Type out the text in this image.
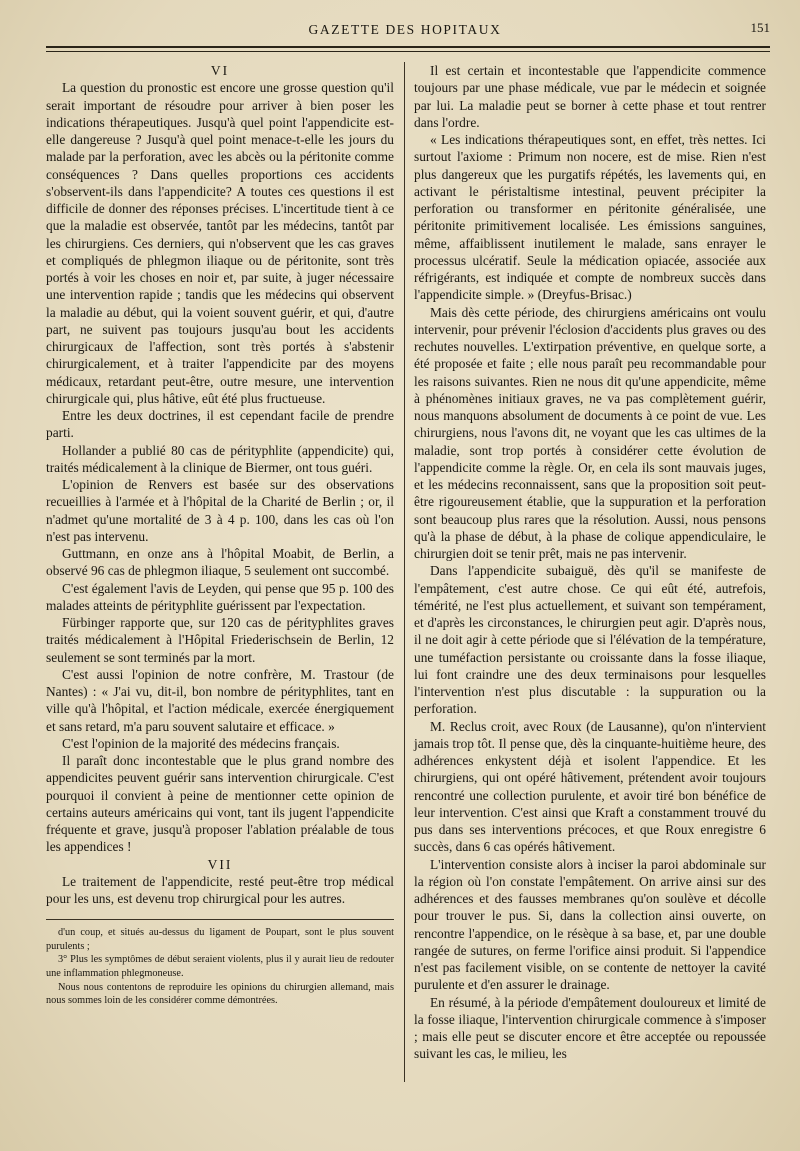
GAZETTE DES HOPITAUX	151

VI

La question du pronostic est encore une grosse question qu'il serait important de résoudre pour arriver à bien poser les indications thérapeutiques. Jusqu'à quel point l'appendicite est-elle dangereuse ? Jusqu'à quel point menace-t-elle les jours du malade par la perforation, avec les abcès ou la péritonite comme conséquences ? Dans quelles proportions ces accidents s'observent-ils dans l'appendicite? A toutes ces questions il est difficile de donner des réponses précises. L'incertitude tient à ce que la maladie est observée, tantôt par les médecins, tantôt par les chirurgiens. Ces derniers, qui n'observent que les cas graves et compliqués de phlegmon iliaque ou de péritonite, sont très portés à voir les choses en noir et, par suite, à juger nécessaire une intervention rapide ; tandis que les médecins qui observent la maladie au début, qui la voient souvent guérir, et qui, d'autre part, ne suivent pas toujours jusqu'au bout les accidents chirurgicaux de l'affection, sont très portés à s'abstenir chirurgicalement, et à traiter l'appendicite par des moyens médicaux, retardant peut-être, outre mesure, une intervention chirurgicale qui, plus hâtive, eût été plus fructueuse.

Entre les deux doctrines, il est cependant facile de prendre parti.

Hollander a publié 80 cas de pérityphlite (appendicite) qui, traités médicalement à la clinique de Biermer, ont tous guéri.

L'opinion de Renvers est basée sur des observations recueillies à l'armée et à l'hôpital de la Charité de Berlin ; or, il n'admet qu'une mortalité de 3 à 4 p. 100, dans les cas où l'on n'est pas intervenu.

Guttmann, en onze ans à l'hôpital Moabit, de Berlin, a observé 96 cas de phlegmon iliaque, 5 seulement ont succombé.

C'est également l'avis de Leyden, qui pense que 95 p. 100 des malades atteints de pérityphlite guérissent par l'expectation.

Fürbinger rapporte que, sur 120 cas de pérityphlites graves traités médicalement à l'Hôpital Friederischsein de Berlin, 12 seulement se sont terminés par la mort.

C'est aussi l'opinion de notre confrère, M. Trastour (de Nantes) : « J'ai vu, dit-il, bon nombre de pérityphlites, tant en ville qu'à l'hôpital, et l'action médicale, exercée énergiquement et sans retard, m'a paru souvent salutaire et efficace. »

C'est l'opinion de la majorité des médecins français.

Il paraît donc incontestable que le plus grand nombre des appendicites peuvent guérir sans intervention chirurgicale. C'est pourquoi il convient à peine de mentionner cette opinion de certains auteurs américains qui vont, tant ils jugent l'appendicite fréquente et grave, jusqu'à proposer l'ablation préalable de tous les appendices !

VII

Le traitement de l'appendicite, resté peut-être trop médical pour les uns, est devenu trop chirurgical pour les autres.

d'un coup, et situés au-dessus du ligament de Poupart, sont le plus souvent purulents ;

3° Plus les symptômes de début seraient violents, plus il y aurait lieu de redouter une inflammation phlegmoneuse.

Nous nous contentons de reproduire les opinions du chirurgien allemand, mais nous sommes loin de les considérer comme démontrées.

Il est certain et incontestable que l'appendicite commence toujours par une phase médicale, vue par le médecin et soignée par lui. La maladie peut se borner à cette phase et tout rentrer dans l'ordre.

« Les indications thérapeutiques sont, en effet, très nettes. Ici surtout l'axiome : Primum non nocere, est de mise. Rien n'est plus dangereux que les purgatifs répétés, les lavements qui, en activant le péristaltisme intestinal, peuvent précipiter la perforation ou transformer en péritonite généralisée, une péritonite primitivement localisée. Les émissions sanguines, même, affaiblissent inutilement le malade, sans enrayer le processus ulcératif. Seule la médication opiacée, associée aux réfrigérants, est indiquée et compte de nombreux succès dans l'appendicite simple. » (Dreyfus-Brisac.)

Mais dès cette période, des chirurgiens américains ont voulu intervenir, pour prévenir l'éclosion d'accidents plus graves ou des rechutes nouvelles. L'extirpation préventive, en quelque sorte, a été proposée et faite ; elle nous paraît peu recommandable pour les raisons suivantes. Rien ne nous dit qu'une appendicite, même à phénomènes initiaux graves, ne va pas complètement guérir, nous manquons absolument de documents à ce point de vue. Les chirurgiens, nous l'avons dit, ne voyant que les cas ultimes de la maladie, sont trop portés à considérer cette évolution de l'appendicite comme la règle. Or, en cela ils sont mauvais juges, et les médecins reconnaissent, sans que la proposition soit peut-être rigoureusement établie, que la suppuration et la perforation sont beaucoup plus rares que la résolution. Aussi, nous pensons qu'à la phase de début, à la phase de colique appendiculaire, le chirurgien doit se tenir prêt, mais ne pas intervenir.

Dans l'appendicite subaiguë, dès qu'il se manifeste de l'empâtement, c'est autre chose. Ce qui eût été, autrefois, témérité, ne l'est plus actuellement, et suivant son tempérament, et d'après les circonstances, le chirurgien peut agir. D'après nous, il ne doit agir à cette période que si l'élévation de la température, une tuméfaction persistante ou croissante dans la fosse iliaque, lui font craindre une des deux terminaisons pour lesquelles l'intervention n'est plus discutable : la suppuration ou la perforation.

M. Reclus croit, avec Roux (de Lausanne), qu'on n'intervient jamais trop tôt. Il pense que, dès la cinquante-huitième heure, des adhérences enkystent déjà et isolent l'appendice. Et les chirurgiens, qui ont opéré hâtivement, prétendent avoir toujours rencontré une collection purulente, et avoir tiré bon bénéfice de leur intervention. C'est ainsi que Kraft a constamment trouvé du pus dans ses interventions précoces, et que Roux enregistre 6 succès, dans 6 cas opérés hâtivement.

L'intervention consiste alors à inciser la paroi abdominale sur la région où l'on constate l'empâtement. On arrive ainsi sur des adhérences et des fausses membranes qu'on soulève et décolle pour trouver le pus. Si, dans la collection ainsi ouverte, on rencontre l'appendice, on le résèque à sa base, et, par une double rangée de sutures, on ferme l'orifice ainsi produit. Si l'appendice n'est pas facilement visible, on se contente de nettoyer la cavité purulente et d'en assurer le drainage.

En résumé, à la période d'empâtement douloureux et limité de la fosse iliaque, l'intervention chirurgicale commence à s'imposer ; mais elle peut se discuter encore et être acceptée ou repoussée suivant les cas, le milieu, les
